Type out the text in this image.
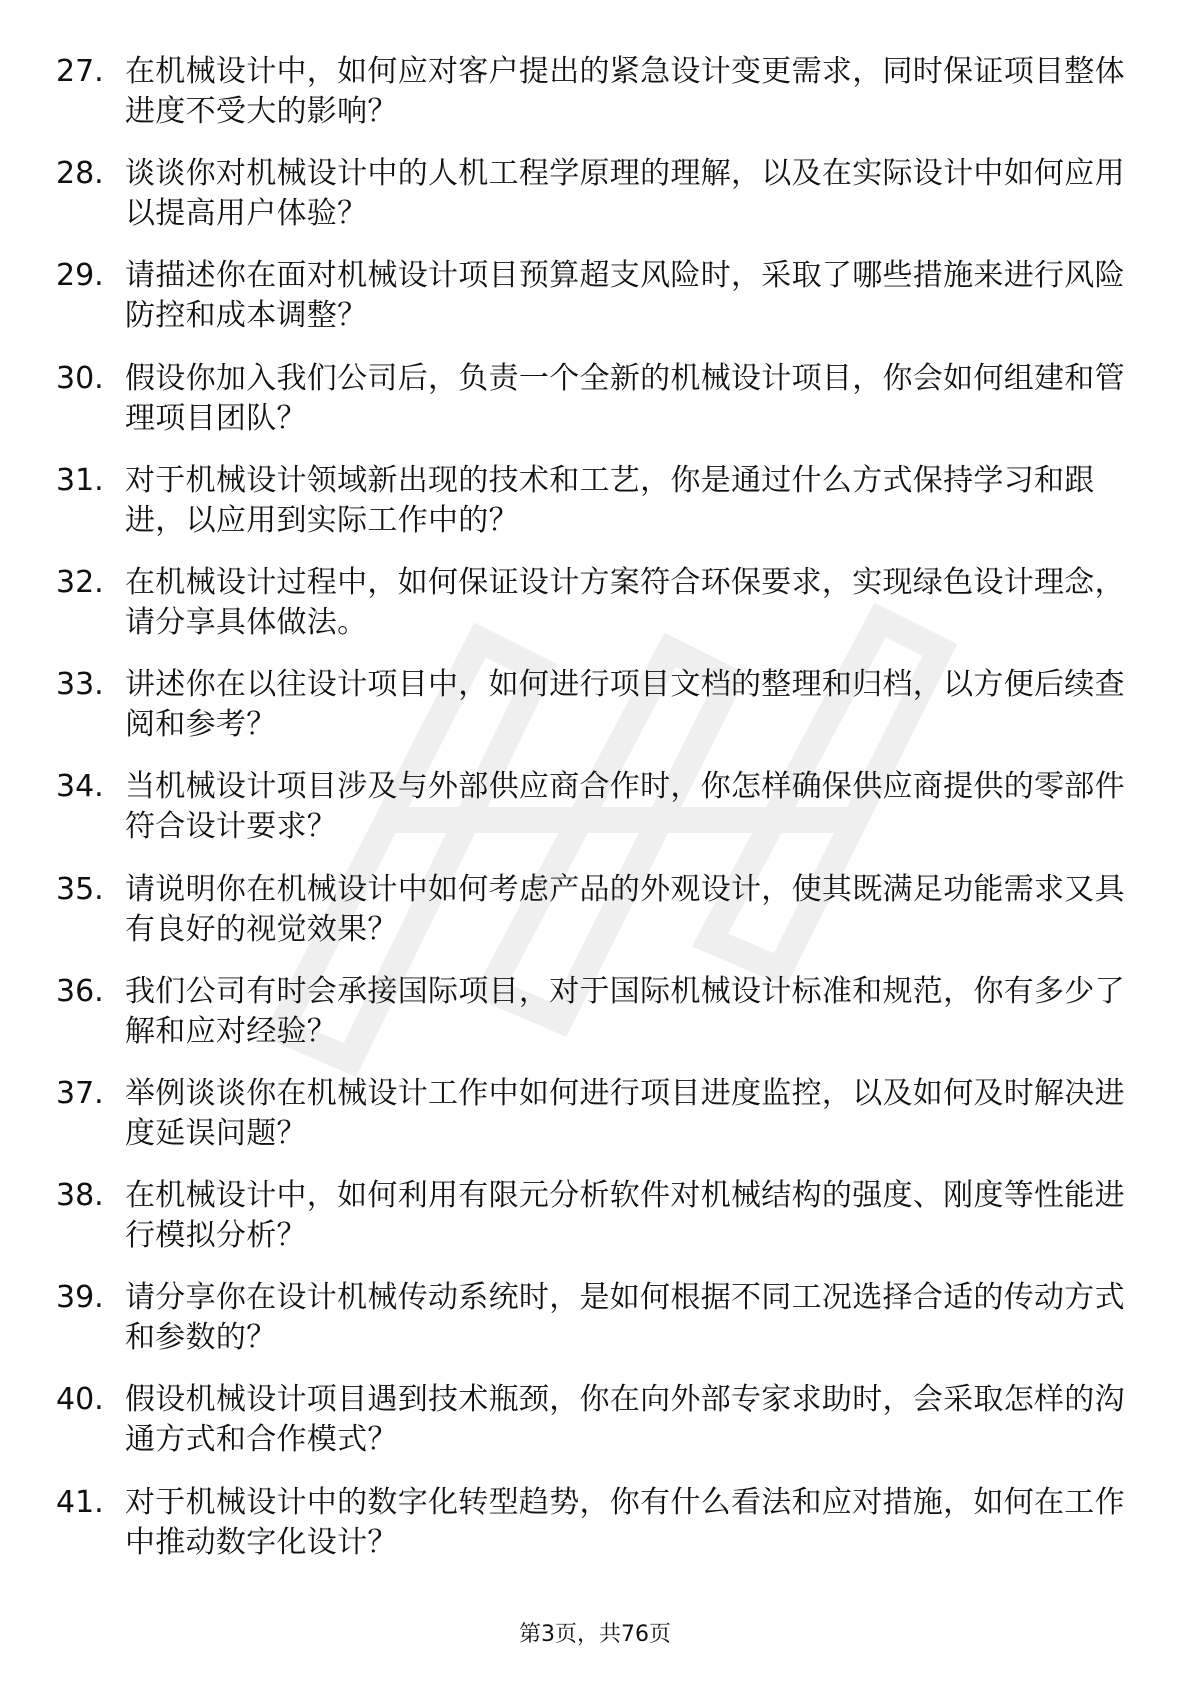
27. 在机械设计中，如何应对客户提出的紧急设计变更需求，同时保证项目整体进度不受大的影响？
28. 谈谈你对机械设计中的人机工程学原理的理解，以及在实际设计中如何应用以提高用户体验？
29. 请描述你在面对机械设计项目预算超支风险时，采取了哪些措施来进行风险防控和成本调整？
30. 假设你加入我们公司后，负责一个全新的机械设计项目，你会如何组建和管理项目团队？
31. 对于机械设计领域新出现的技术和工艺，你是通过什么方式保持学习和跟进，以应用到实际工作中的？
32. 在机械设计过程中，如何保证设计方案符合环保要求，实现绿色设计理念，请分享具体做法。
33. 讲述你在以往设计项目中，如何进行项目文档的整理和归档，以方便后续查阅和参考？
34. 当机械设计项目涉及与外部供应商合作时，你怎样确保供应商提供的零部件符合设计要求？
35. 请说明你在机械设计中如何考虑产品的外观设计，使其既满足功能需求又具有良好的视觉效果？
36. 我们公司有时会承接国际项目，对于国际机械设计标准和规范，你有多少了解和应对经验？
37. 举例谈谈你在机械设计工作中如何进行项目进度监控，以及如何及时解决进度延误问题？
38. 在机械设计中，如何利用有限元分析软件对机械结构的强度、刚度等性能进行模拟分析？
39. 请分享你在设计机械传动系统时，是如何根据不同工况选择合适的传动方式和参数的？
40. 假设机械设计项目遇到技术瓶颈，你在向外部专家求助时，会采取怎样的沟通方式和合作模式？
41. 对于机械设计中的数字化转型趋势，你有什么看法和应对措施，如何在工作中推动数字化设计？
第3页，共76页
